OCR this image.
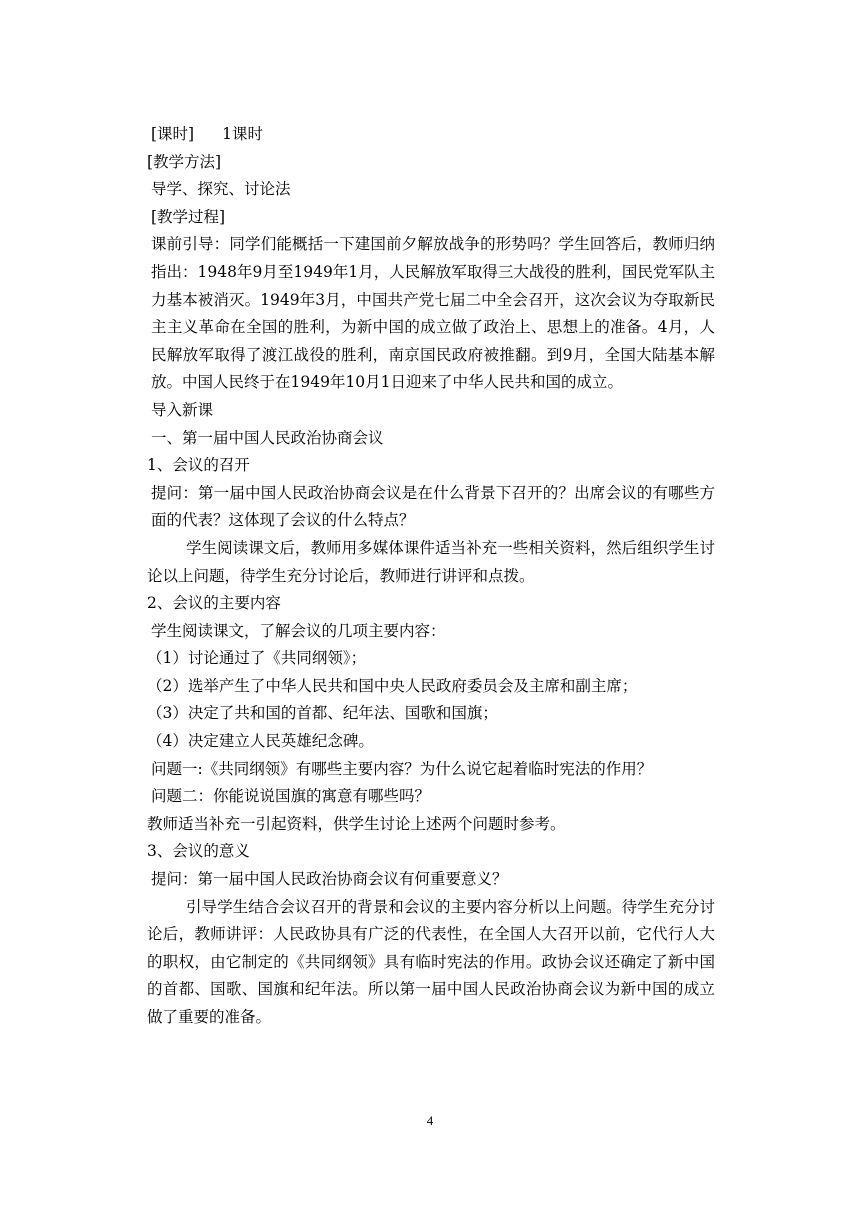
[课时] 1课时
[教学方法]
导学、探究、讨论法
[教学过程]
课前引导：同学们能概括一下建国前夕解放战争的形势吗？学生回答后，教师归纳指出：1948年9月至1949年1月，人民解放军取得三大战役的胜利，国民党军队主力基本被消灭。1949年3月，中国共产党七届二中全会召开，这次会议为夺取新民主主义革命在全国的胜利，为新中国的成立做了政治上、思想上的准备。4月，人民解放军取得了渡江战役的胜利，南京国民政府被推翻。到9月，全国大陆基本解放。中国人民终于在1949年10月1日迎来了中华人民共和国的成立。
导入新课
一、第一届中国人民政治协商会议
1、会议的召开
提问：第一届中国人民政治协商会议是在什么背景下召开的？出席会议的有哪些方面的代表？这体现了会议的什么特点？
学生阅读课文后，教师用多媒体课件适当补充一些相关资料，然后组织学生讨论以上问题，待学生充分讨论后，教师进行讲评和点拨。
2、会议的主要内容
学生阅读课文，了解会议的几项主要内容：
（1）讨论通过了《共同纲领》；
（2）选举产生了中华人民共和国中央人民政府委员会及主席和副主席；
（3）决定了共和国的首都、纪年法、国歌和国旗；
（4）决定建立人民英雄纪念碑。
问题一:《共同纲领》有哪些主要内容？为什么说它起着临时宪法的作用？
问题二：你能说说国旗的寓意有哪些吗？
教师适当补充一引起资料，供学生讨论上述两个问题时参考。
3、会议的意义
提问：第一届中国人民政治协商会议有何重要意义？
引导学生结合会议召开的背景和会议的主要内容分析以上问题。待学生充分讨论后，教师讲评：人民政协具有广泛的代表性，在全国人大召开以前，它代行人大的职权，由它制定的《共同纲领》具有临时宪法的作用。政协会议还确定了新中国的首都、国歌、国旗和纪年法。所以第一届中国人民政治协商会议为新中国的成立做了重要的准备。
4
